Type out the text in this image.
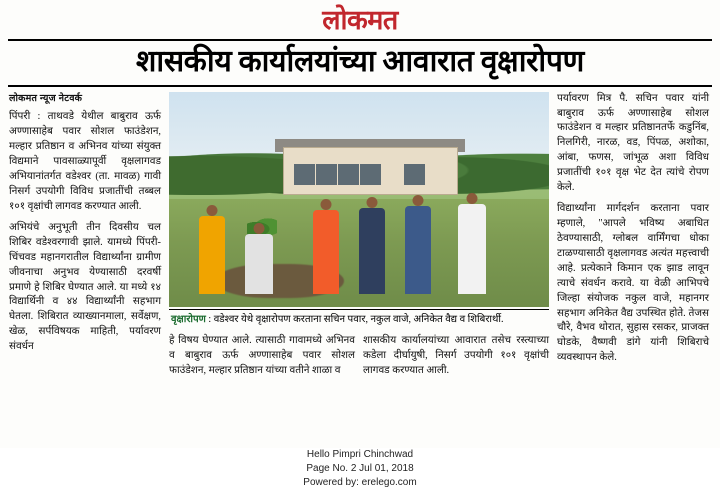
लोकमत
शासकीय कार्यालयांच्या आवारात वृक्षारोपण
लोकमत न्यूज नेटवर्क

पिंपरी : ताथवडे येथील बाबुराव ऊर्फ अण्णासाहेब पवार सोशल फाउंडेशन, मल्हार प्रतिष्ठान व अभिनव यांच्या संयुक्त विद्यमाने पावसाळ्यापूर्वी वृक्षलागवड अभियानांतर्गत वडेश्वर (ता. मावळ) गावी निसर्ग उपयोगी विविध प्रजातींची तब्बल १०१ वृक्षांची लागवड करण्यात आली.

अभियंचे अनुभूती तीन दिवसीय चल शिबिर वडेश्वरगावी झाले. यामध्ये पिंपरी-चिंचवड महानगरातील विद्यार्थ्यांना ग्रामीण जीवनाचा अनुभव येण्यासाठी दरवर्षी प्रमाणे हे शिबिर घेण्यात आले. या मध्ये १४ विद्यार्थिनी व ४४ विद्यार्थ्यांनी सहभाग घेतला. शिबिरात व्याख्यानमाला, सर्वेक्षण, खेळ, सर्पविषयक माहिती, पर्यावरण संवर्धन

वृक्षारोपण : वडेश्वर येथे वृक्षारोपण करताना सचिन पवार, नकुल वाजे, अनिकेत वैद्य व शिबिरार्थी.

हे विषय घेण्यात आले. त्यासाठी गावामध्ये अभिनव व बाबुराव ऊर्फ अण्णासाहेब पवार सोशल फाउंडेशन, मल्हार प्रतिष्ठान यांच्या वतीने शाळा व

शासकीय कार्यालयांच्या आवारात तसेच रस्त्याच्या कडेला दीर्घायुषी, निसर्ग उपयोगी १०१ वृक्षांची लागवड करण्यात आली.

पर्यावरण मित्र पै. सचिन पवार यांनी बाबुराव ऊर्फ अण्णासाहेब सोशल फाउंडेशन व मल्हार प्रतिष्ठानतर्फे कडुनिंब, निलगिरी, नारळ, वड, पिंपळ, अशोका, आंबा, फणस, जांभूळ अशा विविध प्रजातींची १०१ वृक्ष भेट देत त्यांचे रोपण केले.

विद्यार्थ्यांना मार्गदर्शन करताना पवार म्हणाले, ''आपले भविष्य अबाधित ठेवण्यासाठी, ग्लोबल वार्मिंगचा धोका टाळण्यासाठी वृक्षलागवड अत्यंत महत्त्वाची आहे. प्रत्येकाने किमान एक झाड लावून त्याचे संवर्धन करावे. या वेळी आभिपचे जिल्हा संयोजक नकुल वाजे, महानगर सहभाग अनिकेत वैद्य उपस्थित होते. तेजस चौरे, वैभव थोरात, सुहास रसकर, प्राजक्त घोडके, वैष्णवी डांगे यांनी शिबिराचे व्यवस्थापन केले.

Hello Pimpri Chinchwad
Page No. 2 Jul 01, 2018
Powered by: erelego.com
